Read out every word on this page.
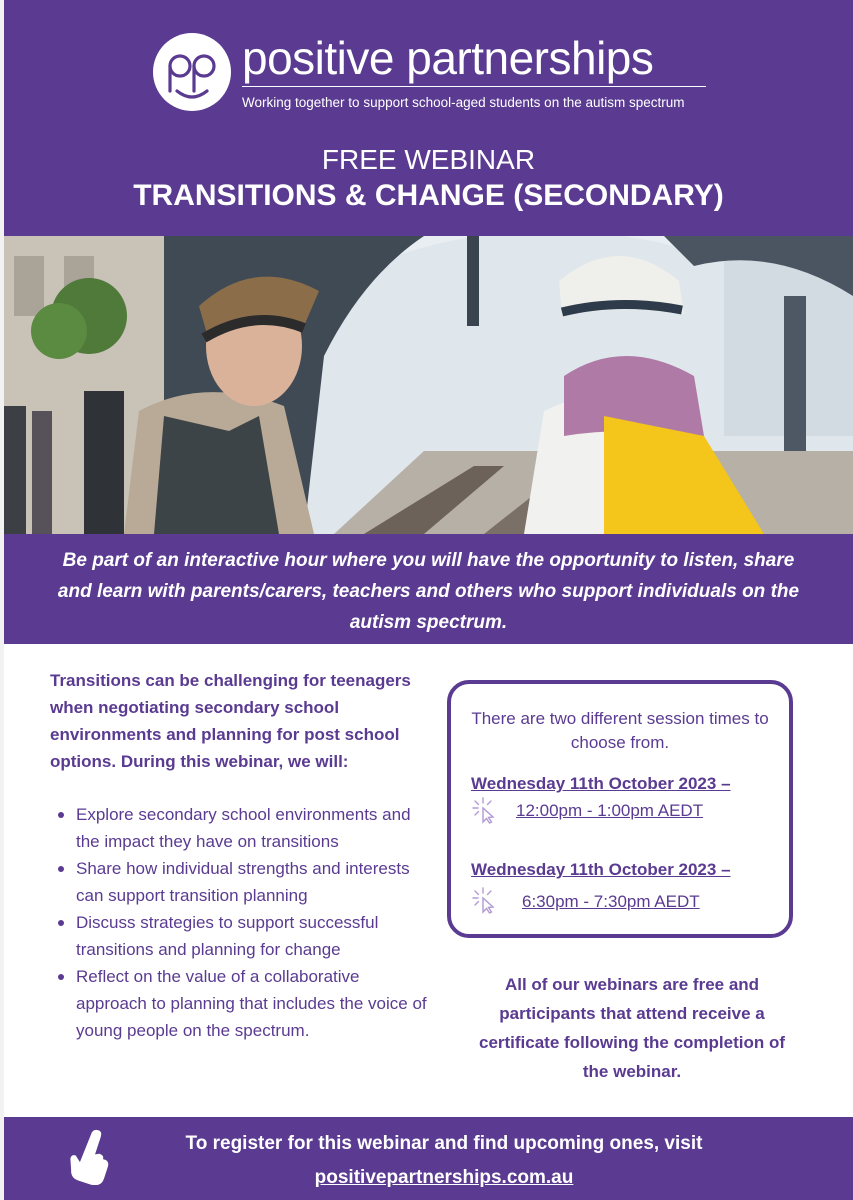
positive partnerships
Working together to support school-aged students on the autism spectrum
FREE WEBINAR
TRANSITIONS & CHANGE (SECONDARY)
Be part of an interactive hour where you will have the opportunity to listen, share and learn with parents/carers, teachers and others who support individuals on the autism spectrum.
Transitions can be challenging for teenagers when negotiating secondary school environments and planning for post school options. During this webinar, we will:
Explore secondary school environments and the impact they have on transitions
Share how individual strengths and interests can support transition planning
Discuss strategies to support successful transitions and planning for change
Reflect on the value of a collaborative approach to planning that includes the voice of young people on the spectrum.
There are two different session times to choose from.
Wednesday 11th October 2023 –
12:00pm - 1:00pm AEDT
Wednesday 11th October 2023 –
6:30pm - 7:30pm AEDT
All of our webinars are free and participants that attend receive a certificate following the completion of the webinar.
To register for this webinar and find upcoming ones, visit
positivepartnerships.com.au
